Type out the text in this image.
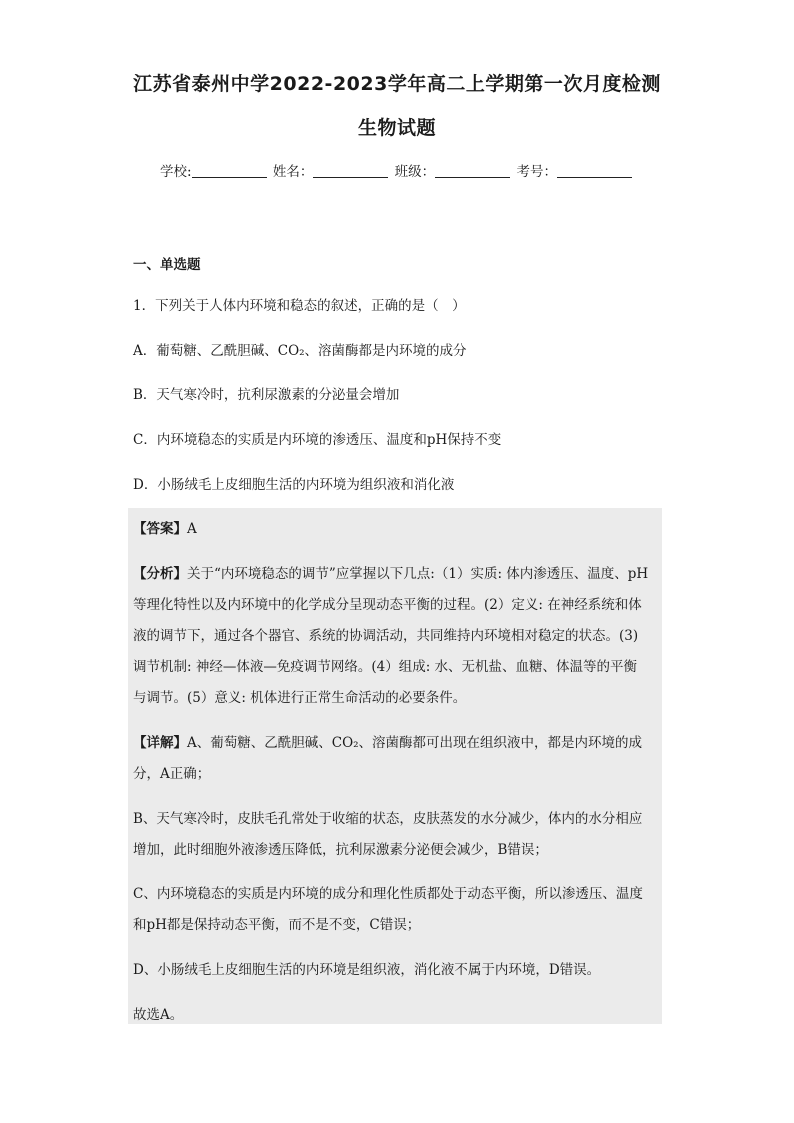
江苏省泰州中学2022-2023学年高二上学期第一次月度检测
生物试题
学校:	姓名：	班级：	考号：
一、单选题
1．下列关于人体内环境和稳态的叙述，正确的是（　）
A．葡萄糖、乙酰胆碱、CO₂、溶菌酶都是内环境的成分
B．天气寒冷时，抗利尿激素的分泌量会增加
C．内环境稳态的实质是内环境的渗透压、温度和pH保持不变
D．小肠绒毛上皮细胞生活的内环境为组织液和消化液
【答案】A
【分析】关于“内环境稳态的调节”应掌握以下几点:（1）实质: 体内渗透压、温度、pH
等理化特性以及内环境中的化学成分呈现动态平衡的过程。(2）定义: 在神经系统和体
液的调节下，通过各个器官、系统的协调活动，共同维持内环境相对稳定的状态。(3)
调节机制: 神经—体液—免疫调节网络。(4）组成: 水、无机盐、血糖、体温等的平衡
与调节。(5）意义: 机体进行正常生命活动的必要条件。
【详解】A、葡萄糖、乙酰胆碱、CO₂、溶菌酶都可出现在组织液中，都是内环境的成
分，A正确；
B、天气寒冷时，皮肤毛孔常处于收缩的状态，皮肤蒸发的水分减少，体内的水分相应
增加，此时细胞外液渗透压降低，抗利尿激素分泌便会减少，B错误；
C、内环境稳态的实质是内环境的成分和理化性质都处于动态平衡，所以渗透压、温度
和pH都是保持动态平衡，而不是不变，C错误；
D、小肠绒毛上皮细胞生活的内环境是组织液，消化液不属于内环境，D错误。
故选A。
